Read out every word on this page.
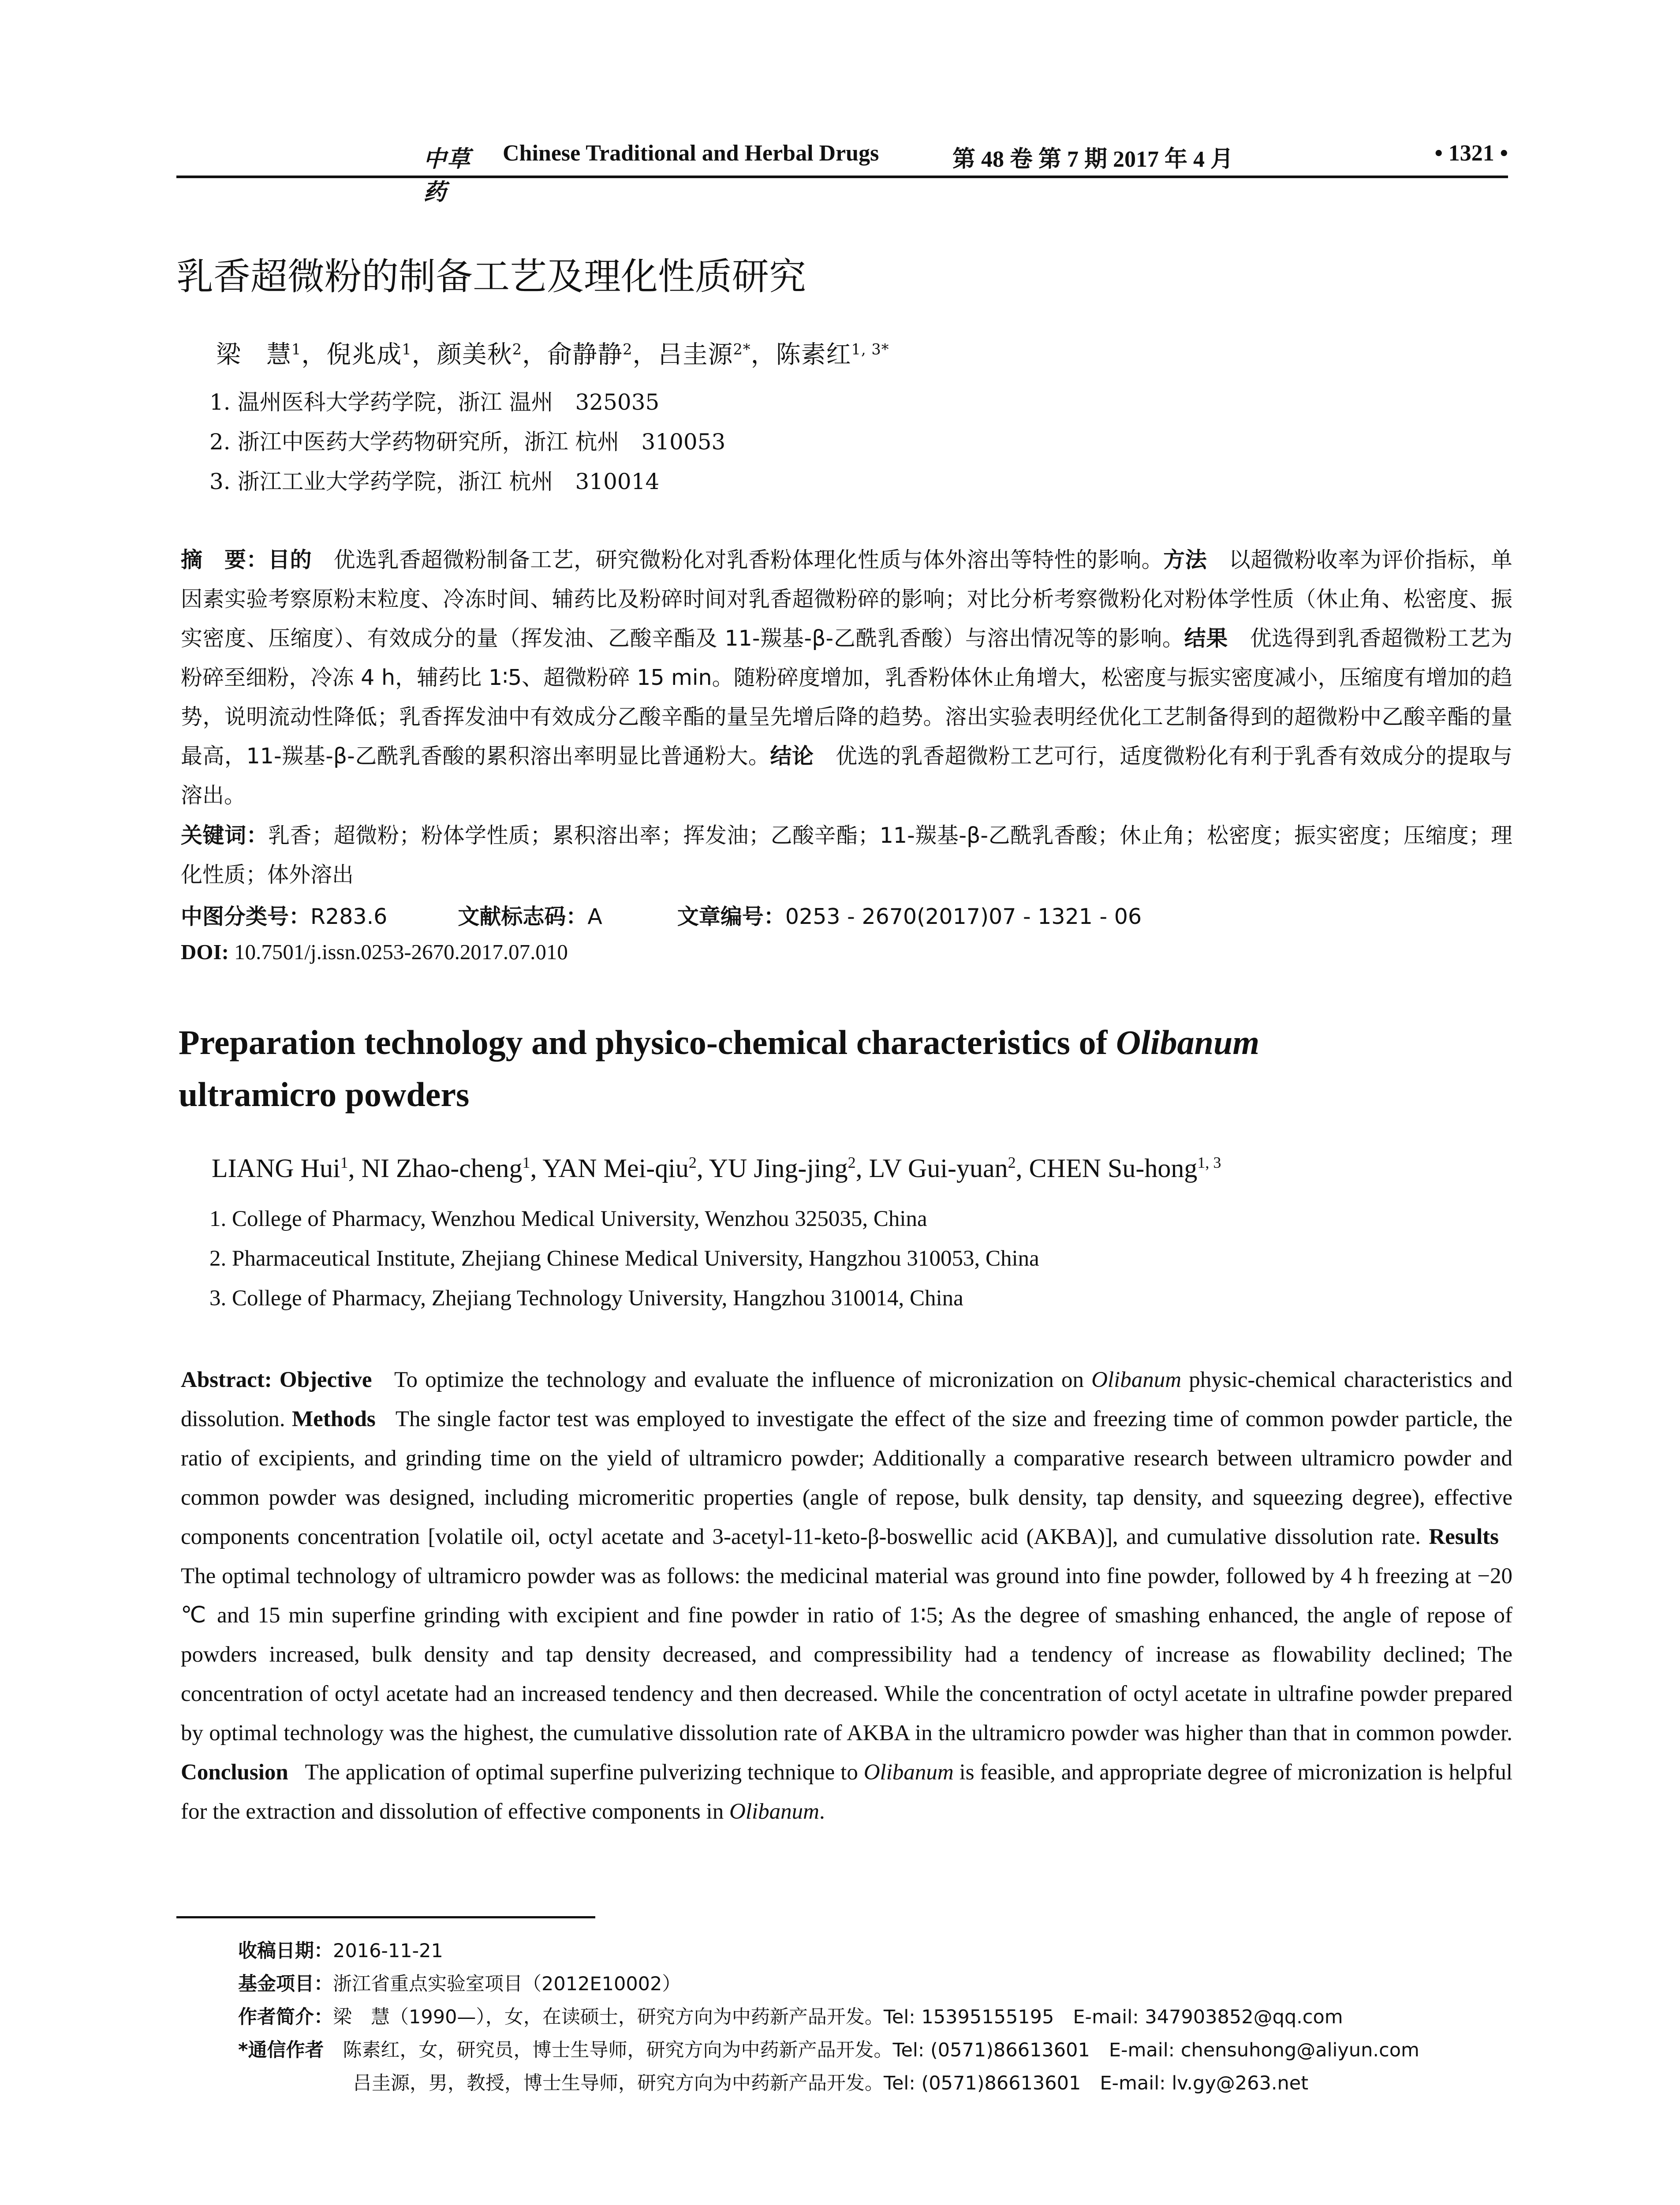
中草药
Chinese Traditional and Herbal Drugs	第 48 卷 第 7 期 2017 年 4 月	• 1321 •
乳香超微粉的制备工艺及理化性质研究
梁　慧$^1$，倪兆成$^1$，颜美秋$^2$，俞静静$^2$，吕圭源$^{2*}$，陈素红$^{1, 3*}$
1. 温州医科大学药学院，浙江 温州　325035
2. 浙江中医药大学药物研究所，浙江 杭州　310053
3. 浙江工业大学药学院，浙江 杭州　310014
摘　要：目的　 优选乳香超微粉制备工艺，研究微粉化对乳香粉体理化性质与体外溶出等特性的影响。方法　 以超微粉收率为评价指标，单因素实验考察原粉末粒度、冷冻时间、辅药比及粉碎时间对乳香超微粉碎的影响；对比分析考察微粉化对粉体学性质（休止角、松密度、振实密度、压缩度）、有效成分的量（挥发油、乙酸辛酯及 11-羰基-β-乙酰乳香酸）与溶出情况等的影响。结果　 优选得到乳香超微粉工艺为粉碎至细粉，冷冻 4 h，辅药比 1∶5、超微粉碎 15 min。随粉碎度增加，乳香粉体休止角增大，松密度与振实密度减小，压缩度有增加的趋势，说明流动性降低；乳香挥发油中有效成分乙酸辛酯的量呈先增后降的趋势。溶出实验表明经优化工艺制备得到的超微粉中乙酸辛酯的量最高，11-羰基-β-乙酰乳香酸的累积溶出率明显比普通粉大。结论　 优选的乳香超微粉工艺可行，适度微粉化有利于乳香有效成分的提取与溶出。
关键词：乳香；超微粉；粉体学性质；累积溶出率；挥发油；乙酸辛酯；11-羰基-β-乙酰乳香酸；休止角；松密度；振实密度；压缩度；理化性质；体外溶出
中图分类号：R283.6	文献标志码：A	文章编号：0253 - 2670(2017)07 - 1321 - 06
DOI: 10.7501/j.issn.0253-2670.2017.07.010
Preparation technology and physico-chemical characteristics of Olibanum
ultramicro powders
LIANG Hui$^1$, NI Zhao-cheng$^1$, YAN Mei-qiu$^2$, YU Jing-jing$^2$, LV Gui-yuan$^2$, CHEN Su-hong$^{1, 3}$
1. College of Pharmacy, Wenzhou Medical University, Wenzhou 325035, China
2. Pharmaceutical Institute, Zhejiang Chinese Medical University, Hangzhou 310053, China
3. College of Pharmacy, Zhejiang Technology University, Hangzhou 310014, China
Abstract: Objective To optimize the technology and evaluate the influence of micronization on Olibanum physic-chemical characteristics and dissolution. Methods The single factor test was employed to investigate the effect of the size and freezing time of common powder particle, the ratio of excipients, and grinding time on the yield of ultramicro powder; Additionally a comparative research between ultramicro powder and common powder was designed, including micromeritic properties (angle of repose, bulk density, tap density, and squeezing degree), effective components concentration [volatile oil, octyl acetate and 3-acetyl-11-keto-β-boswellic acid (AKBA)], and cumulative dissolution rate. Results   The optimal technology of ultramicro powder was as follows: the medicinal material was ground into fine powder, followed by 4 h freezing at −20 ℃ and 15 min superfine grinding with excipient and fine powder in ratio of 1∶5; As the degree of smashing enhanced, the angle of repose of powders increased, bulk density and tap density decreased, and compressibility had a tendency of increase as flowability declined; The concentration of octyl acetate had an increased tendency and then decreased. While the concentration of octyl acetate in ultrafine powder prepared by optimal technology was the highest, the cumulative dissolution rate of AKBA in the ultramicro powder was higher than that in common powder. Conclusion The application of optimal superfine pulverizing technique to Olibanum is feasible, and appropriate degree of micronization is helpful for the extraction and dissolution of effective components in Olibanum.
收稿日期：2016-11-21
基金项目：浙江省重点实验室项目（2012E10002）
作者简介：梁　慧（1990—），女，在读硕士，研究方向为中药新产品开发。Tel: 15395155195　E-mail: 347903852@qq.com
*通信作者　 陈素红，女，研究员，博士生导师，研究方向为中药新产品开发。Tel: (0571)86613601　E-mail: chensuhong@aliyun.com
吕圭源，男，教授，博士生导师，研究方向为中药新产品开发。Tel: (0571)86613601　E-mail: lv.gy@263.net
